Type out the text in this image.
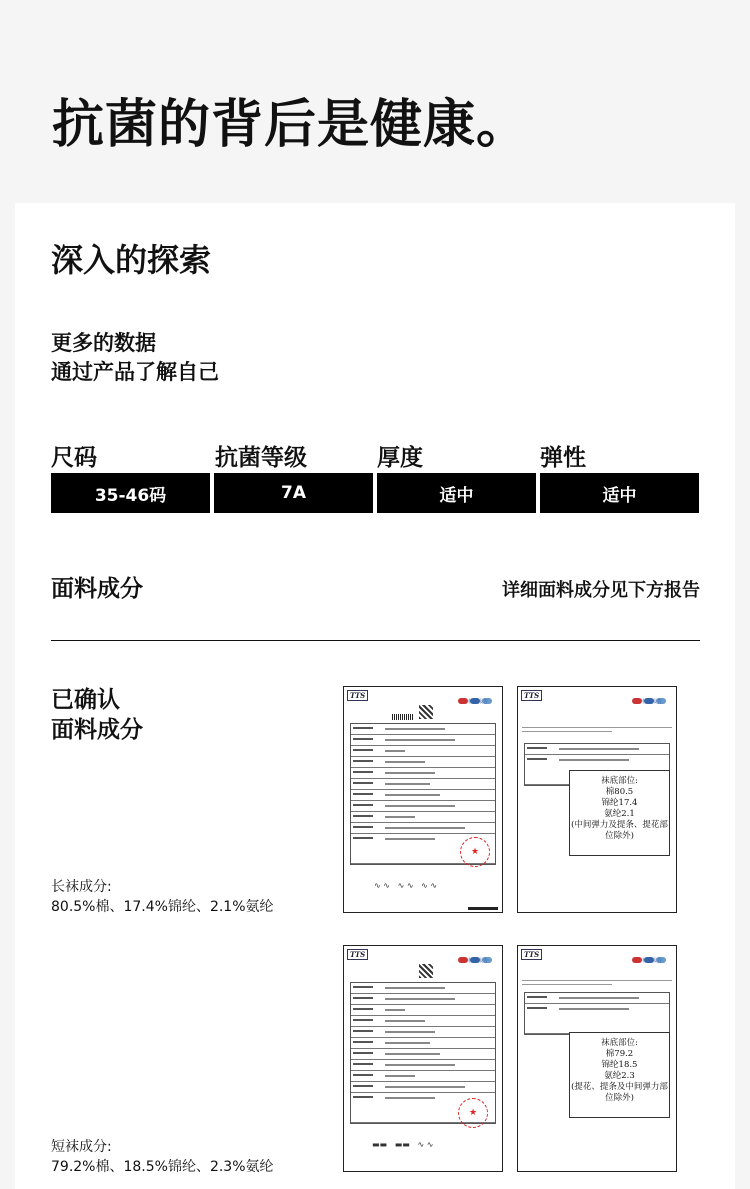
抗菌的背后是健康。
深入的探索
更多的数据
通过产品了解自己
尺码	抗菌等级	厚度	弹性
35-46码	7A	适中	适中
面料成分	详细面料成分见下方报告
已确认
面料成分
长袜成分:
80.5%棉、17.4%锦纶、2.1%氨纶
短袜成分:
79.2%棉、18.5%锦纶、2.3%氨纶
TTS
检测报告
★
∿ ∿   ∿ ∿   ∿ ∿
TTS
检测报告
袜底部位:
棉80.5
锦纶17.4
氨纶2.1
(中间弹力及提条、提花部
位除外)
TTS
检测报告
★
▬▬   ▬▬   ∿ ∿
TTS
检测报告
袜底部位:
棉79.2
锦纶18.5
氨纶2.3
(提花、提条及中间弹力部
位除外)
